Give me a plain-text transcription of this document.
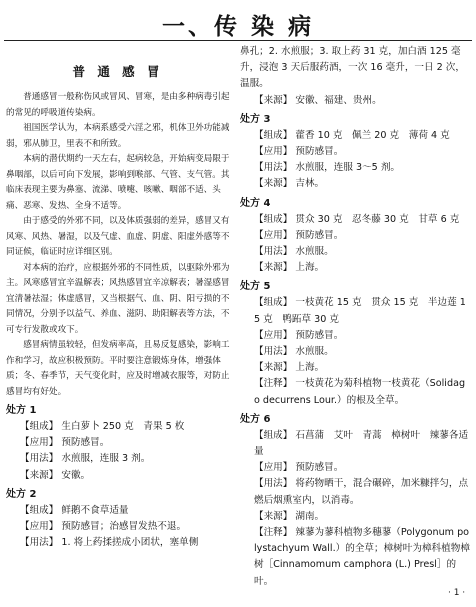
一、传 染 病
普 通 感 冒

普通感冒一般称伤风或冒风、冒寒，是由多种病毒引起的常见的呼吸道传染病。

祖国医学认为，本病系感受六淫之邪，机体卫外功能减弱，邪从肺卫，里表不和所致。

本病的潜伏期约一天左右，起病较急，开始病变局限于鼻咽部，以后可向下发展，影响到喉部、气管、支气管。其临床表现主要为鼻塞、流涕、喷嚏、咳嗽、咽部不适、头痛、恶寒、发热、全身不适等。

由于感受的外邪不同，以及体质强弱的差异，感冒又有风寒、风热、暑湿，以及气虚、血虚、阴虚、阳虚外感等不同证候，临证时应详细区别。

对本病的治疗，应根据外邪的不同性质，以驱除外邪为主。风寒感冒宜辛温解表；风热感冒宜辛凉解表；暑湿感冒宜清暑祛湿；体虚感冒，又当根据气、血、阴、阳亏损的不同情况，分别予以益气、养血、滋阴、助阳解表等方法，不可专行发散或攻下。

感冒病情虽较轻，但发病率高，且易反复感染，影响工作和学习，故应积极预防。平时要注意锻炼身体，增强体质；冬、春季节，天气变化时，应及时增减衣服等，对防止感冒均有好处。

处方 1
【组成】 生白萝卜 250 克　青果 5 枚
【应用】 预防感冒。
【用法】 水煎服，连服 3 剂。
【来源】 安徽。
处方 2
【组成】 鲜鹅不食草适量
【应用】 预防感冒；治感冒发热不退。
【用法】 1. 将上药揉搓成小团状，塞单侧
鼻孔；2. 水煎服；3. 取上药 31 克，加白酒 125 毫升，浸泡 3 天后服药酒，一次 16 毫升，一日 2 次，温服。
【来源】 安徽、福建、贵州。
处方 3
【组成】 藿香 10 克　佩兰 20 克　薄荷 4 克
【应用】 预防感冒。
【用法】 水煎服，连服 3～5 剂。
【来源】 吉林。
处方 4
【组成】 贯众 30 克　忍冬藤 30 克　甘草 6 克
【应用】 预防感冒。
【用法】 水煎服。
【来源】 上海。
处方 5
【组成】 一枝黄花 15 克　贯众 15 克　半边莲 15 克　鸭跖草 30 克
【应用】 预防感冒。
【用法】 水煎服。
【来源】 上海。
【注释】 一枝黄花为菊科植物一枝黄花（Solidago decurrens Lour.）的根及全草。
处方 6
【组成】 石菖蒲　艾叶　青蒿　樟树叶　辣蓼各适量
【应用】 预防感冒。
【用法】 将药物晒干，混合碾碎，加米糠拌匀，点燃后烟熏室内，以消毒。
【来源】 湖南。
【注释】 辣蓼为蓼科植物多穗蓼（Polygonum polystachyum Wall.）的全草；樟树叶为樟科植物樟树［Cinnamomum camphora (L.) Presl］的叶。
· 1 ·
